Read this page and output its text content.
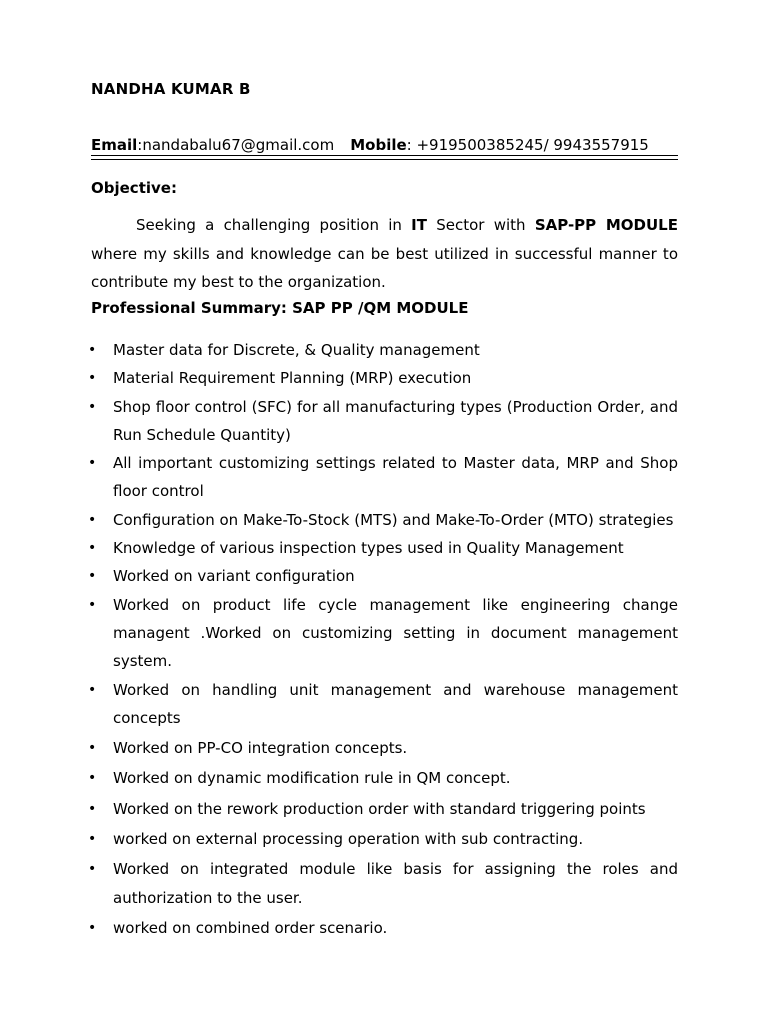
NANDHA KUMAR B
Email:nandabalu67@gmail.com Mobile: +919500385245/ 9943557915
Objective:
Seeking a challenging position in IT Sector with SAP-PP MODULE where my skills and knowledge can be best utilized in successful manner to contribute my best to the organization.
Professional Summary: SAP PP /QM MODULE
• Master data for Discrete, & Quality management
• Material Requirement Planning (MRP) execution
• Shop floor control (SFC) for all manufacturing types (Production Order, and Run Schedule Quantity)
• All important customizing settings related to Master data, MRP and Shop floor control
• Configuration on Make-To-Stock (MTS) and Make-To-Order (MTO) strategies
• Knowledge of various inspection types used in Quality Management
• Worked on variant configuration
• Worked on product life cycle management like engineering change managent .Worked on customizing setting in document management system.
• Worked on handling unit management and warehouse management concepts
• Worked on PP-CO integration concepts.
• Worked on dynamic modification rule in QM concept.
• Worked on the rework production order with standard triggering points
• worked on external processing operation with sub contracting.
• Worked on integrated module like basis for assigning the roles and authorization to the user.
• worked on combined order scenario.
